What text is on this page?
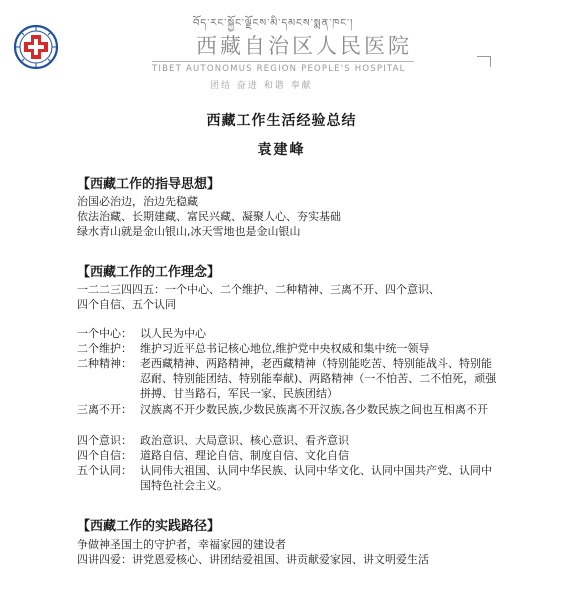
བོད་རང་སྐྱོང་ལྗོངས་མི་དམངས་སྨན་ཁང་།
西藏自治区人民医院
TIBET AUTONOMUS REGION PEOPLE'S HOSPITAL
团结 奋进 和谐 奉献
西藏工作生活经验总结
袁建峰
【西藏工作的指导思想】
治国必治边，治边先稳藏
依法治藏、长期建藏、富民兴藏、凝聚人心、夯实基础
绿水青山就是金山银山,冰天雪地也是金山银山
【西藏工作的工作理念】
一二二三四四五：一个中心、二个维护、二种精神、三离不开、四个意识、
四个自信、五个认同
一个中心： 以人民为中心
二个维护： 维护习近平总书记核心地位,维护党中央权威和集中统一领导
二种精神： 老西藏精神、两路精神，老西藏精神（特别能吃苦、特别能战斗、特别能忍耐、特别能团结、特别能奉献)、两路精神（一不怕苦、二不怕死，顽强拼搏、甘当路石，军民一家、民族团结）
三离不开： 汉族离不开少数民族,少数民族离不开汉族,各少数民族之间也互相离不开
四个意识： 政治意识、大局意识、核心意识、看齐意识
四个自信： 道路自信、理论自信、制度自信、文化自信
五个认同： 认同伟大祖国、认同中华民族、认同中华文化、认同中国共产党、认同中国特色社会主义。
【西藏工作的实践路径】
争做神圣国土的守护者，幸福家园的建设者
四讲四爱：讲党恩爱核心、讲团结爱祖国、讲贡献爱家园、讲文明爱生活
